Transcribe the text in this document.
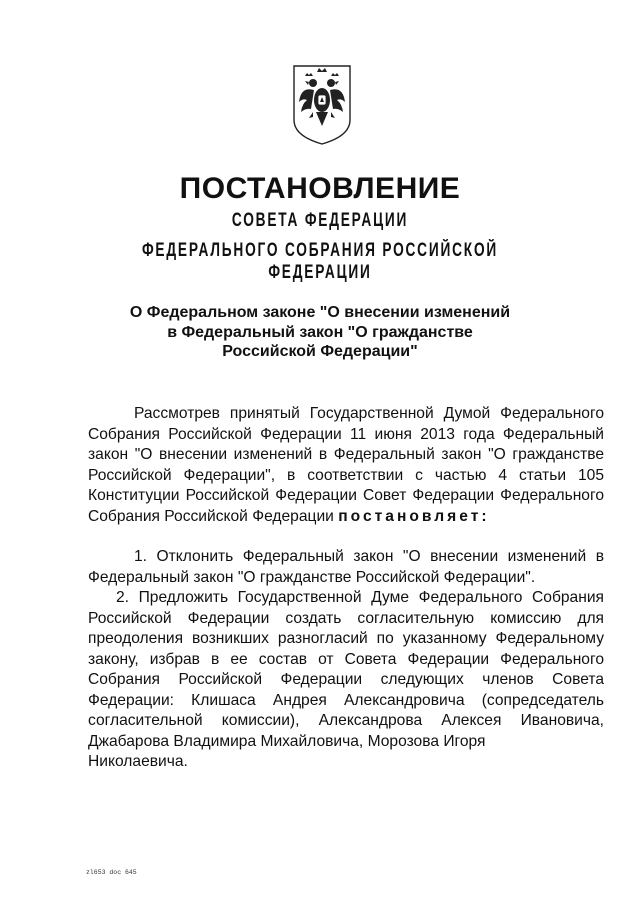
ПОСТАНОВЛЕНИЕ
СОВЕТА ФЕДЕРАЦИИ
ФЕДЕРАЛЬНОГО СОБРАНИЯ РОССИЙСКОЙ ФЕДЕРАЦИИ
О Федеральном законе "О внесении изменений
в Федеральный закон "О гражданстве
Российской Федерации"

Рассмотрев принятый Государственной Думой Федерального Собрания Российской Федерации 11 июня 2013 года Федеральный закон "О внесении изменений в Федеральный закон "О гражданстве Российской Федерации", в соответствии с частью 4 статьи 105 Конституции Российской Федерации Совет Федерации Федерального Собрания Российской Федерации постановляет:

1. Отклонить Федеральный закон "О внесении изменений в Федеральный закон "О гражданстве Российской Федерации".

2. Предложить Государственной Думе Федерального Собрания Российской Федерации создать согласительную комиссию для преодоления возникших разногласий по указанному Федеральному закону, избрав в ее состав от Совета Федерации Федерального Собрания Российской Федерации следующих членов Совета Федерации: Клишаса Андрея Александровича (сопредседатель согласительной комиссии), Александрова Алексея Ивановича, Джабарова Владимира Михайловича, Морозова Игоря

Николаевича.

zl653 doc 645
